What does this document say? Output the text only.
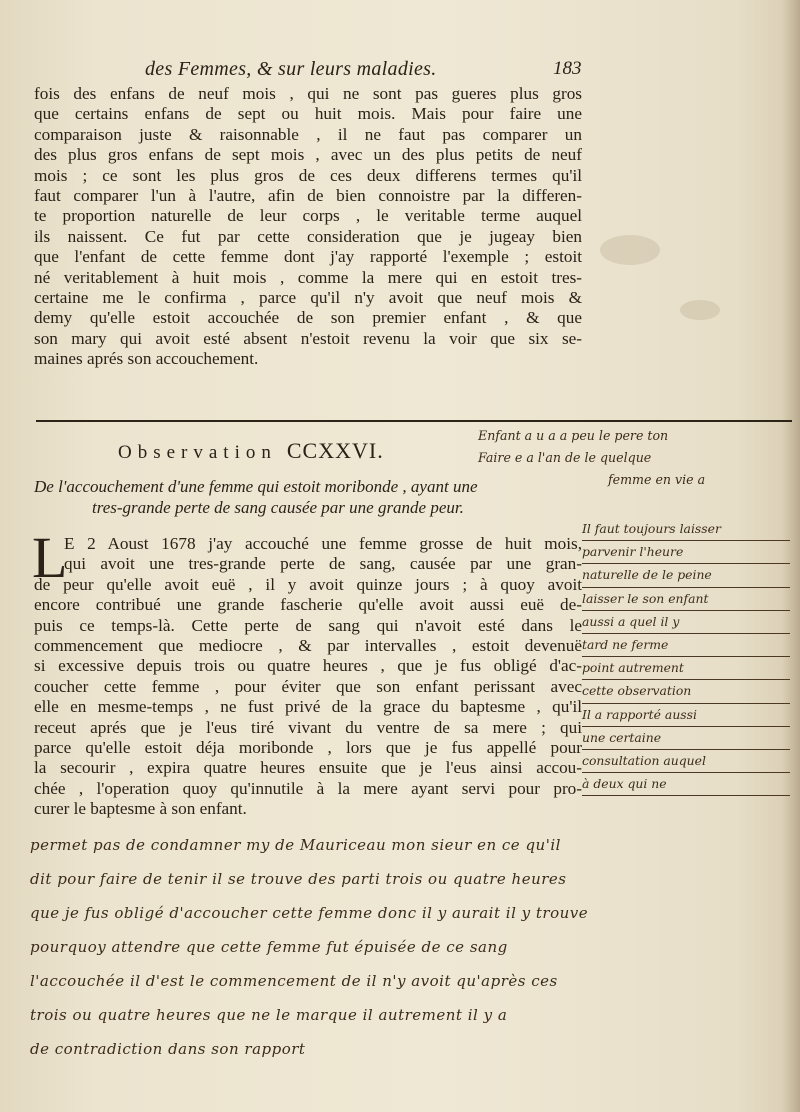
des Femmes, & sur leurs maladies.	183
fois des enfans de neuf mois , qui ne sont pas gueres plus gros
que certains enfans de sept ou huit mois. Mais pour faire une
comparaison juste & raisonnable , il ne faut pas comparer un
des plus gros enfans de sept mois , avec un des plus petits de neuf
mois ; ce sont les plus gros de ces deux differens termes qu'il
faut comparer l'un à l'autre, afin de bien connoistre par la differen-
te proportion naturelle de leur corps , le veritable terme auquel
ils naissent. Ce fut par cette consideration que je jugeay bien
que l'enfant de cette femme dont j'ay rapporté l'exemple ; estoit
né veritablement à huit mois , comme la mere qui en estoit tres-
certaine me le confirma , parce qu'il n'y avoit que neuf mois &
demy qu'elle estoit accouchée de son premier enfant , & que
son mary qui avoit esté absent n'estoit revenu la voir que six se-
maines aprés son accouchement.
Observation CCXXVI.
Enfant a u a a peu le pere ton
Faire e a l'an de le quelque
femme en vie a
De l'accouchement d'une femme qui estoit moribonde , ayant une
tres-grande perte de sang causée par une grande peur.
L
E 2 Aoust 1678 j'ay accouché une femme grosse de huit mois,
qui avoit une tres-grande perte de sang, causée par une gran-
de peur qu'elle avoit euë , il y avoit quinze jours ; à quoy avoit
encore contribué une grande fascherie qu'elle avoit aussi euë de-
puis ce temps-là. Cette perte de sang qui n'avoit esté dans le
commencement que mediocre , & par intervalles , estoit devenuë
si excessive depuis trois ou quatre heures , que je fus obligé d'ac-
coucher cette femme , pour éviter que son enfant perissant avec
elle en mesme-temps , ne fust privé de la grace du baptesme , qu'il
receut aprés que je l'eus tiré vivant du ventre de sa mere ; qui
parce qu'elle estoit déja moribonde , lors que je fus appellé pour
la secourir , expira quatre heures ensuite que je l'eus ainsi accou-
chée , l'operation quoy qu'innutile à la mere ayant servi pour pro-
curer le baptesme à son enfant.
Il faut toujours laisser
parvenir l'heure
naturelle de le peine
laisser le son enfant
aussi a quel il y
tard ne ferme
point autrement
cette observation
Il a rapporté aussi
une certaine
consultation auquel
à deux qui ne
permet pas de condamner my de Mauriceau mon sieur en ce qu'il
dit pour faire de tenir il se trouve des parti trois ou quatre heures
que je fus obligé d'accoucher cette femme donc il y aurait il y trouve
pourquoy attendre que cette femme fut épuisée de ce sang
l'accouchée il d'est le commencement de il n'y avoit qu'après ces
trois ou quatre heures que ne le marque il autrement il y a
de contradiction dans son rapport
